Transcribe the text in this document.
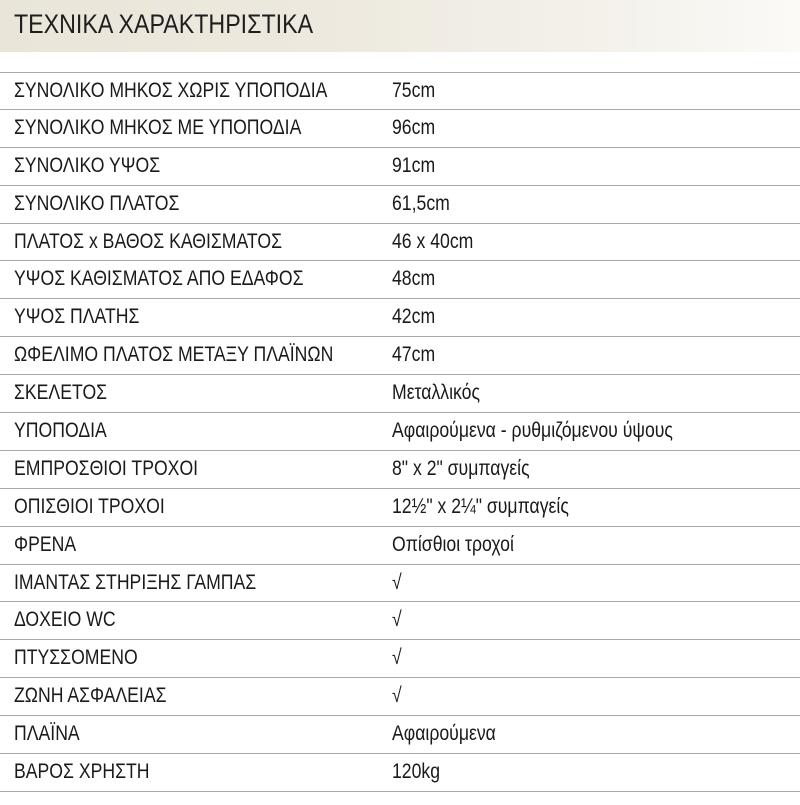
ΤΕΧΝΙΚΑ ΧΑΡΑΚΤΗΡΙΣΤΙΚΑ
ΣΥΝΟΛΙΚΟ ΜΗΚΟΣ ΧΩΡΙΣ ΥΠΟΠΟΔΙΑ	75cm
ΣΥΝΟΛΙΚΟ ΜΗΚΟΣ ΜΕ ΥΠΟΠΟΔΙΑ	96cm
ΣΥΝΟΛΙΚΟ ΥΨΟΣ	91cm
ΣΥΝΟΛΙΚΟ ΠΛΑΤΟΣ	61,5cm
ΠΛΑΤΟΣ x ΒΑΘΟΣ ΚΑΘΙΣΜΑΤΟΣ	46 x 40cm
ΥΨΟΣ ΚΑΘΙΣΜΑΤΟΣ ΑΠΟ ΕΔΑΦΟΣ	48cm
ΥΨΟΣ ΠΛΑΤΗΣ	42cm
ΩΦΕΛΙΜΟ ΠΛΑΤΟΣ ΜΕΤΑΞΥ ΠΛΑΪΝΩΝ	47cm
ΣΚΕΛΕΤΟΣ	Μεταλλικός
ΥΠΟΠΟΔΙΑ	Αφαιρούμενα - ρυθμιζόμενου ύψους
ΕΜΠΡΟΣΘΙΟΙ ΤΡΟΧΟΙ	8" x 2" συμπαγείς
ΟΠΙΣΘΙΟΙ ΤΡΟΧΟΙ	12½" x 2¼" συμπαγείς
ΦΡΕΝΑ	Οπίσθιοι τροχοί
ΙΜΑΝΤΑΣ ΣΤΗΡΙΞΗΣ ΓΑΜΠΑΣ	√
ΔΟΧΕΙΟ WC	√
ΠΤΥΣΣΟΜΕΝΟ	√
ΖΩΝΗ ΑΣΦΑΛΕΙΑΣ	√
ΠΛΑΪΝΑ	Αφαιρούμενα
ΒΑΡΟΣ ΧΡΗΣΤΗ	120kg
